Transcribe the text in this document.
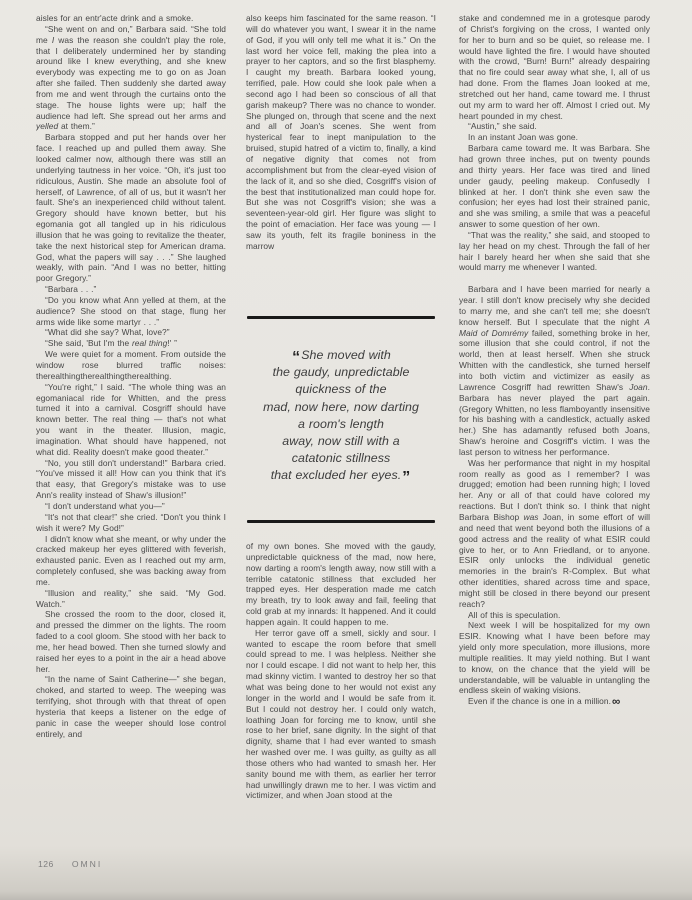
aisles for an entr'acte drink and a smoke.

“She went on and on,” Barbara said. “She told me I was the reason she couldn't play the role, that I deliberately undermined her by standing around like I knew everything, and she knew everybody was expecting me to go on as Joan after she failed. Then suddenly she darted away from me and went through the curtains onto the stage. The house lights were up; half the audience had left. She spread out her arms and yelled at them.”

Barbara stopped and put her hands over her face. I reached up and pulled them away. She looked calmer now, although there was still an underlying tautness in her voice. “Oh, it's just too ridiculous, Austin. She made an absolute fool of herself, of Lawrence, of all of us, but it wasn't her fault. She's an inexperienced child without talent. Gregory should have known better, but his egomania got all tangled up in his ridiculous illusion that he was going to revitalize the theater, take the next historical step for American drama. God, what the papers will say . . .” She laughed weakly, with pain. “And I was no better, hitting poor Gregory.”

“Barbara . . .”

“Do you know what Ann yelled at them, at the audience? She stood on that stage, flung her arms wide like some martyr . . .”

“What did she say? What, love?”

“She said, 'But I'm the real thing!' ”

We were quiet for a moment. From outside the window rose blurred traffic noises: therealthingtherealthingtherealthing.

“You're right,” I said. “The whole thing was an egomaniacal ride for Whitten, and the press turned it into a carnival. Cosgriff should have known better. The real thing — that's not what you want in the theater. Illusion, magic, imagination. What should have happened, not what did. Reality doesn't make good theater.”

“No, you still don't understand!” Barbara cried. “You've missed it all! How can you think that it's that easy, that Gregory's mistake was to use Ann's reality instead of Shaw's illusion!”

“I don't understand what you—”

“It's not that clear!” she cried. “Don't you think I wish it were? My God!”

I didn't know what she meant, or why under the cracked makeup her eyes glittered with feverish, exhausted panic. Even as I reached out my arm, completely confused, she was backing away from me.

“Illusion and reality,” she said. “My God. Watch.”

She crossed the room to the door, closed it, and pressed the dimmer on the lights. The room faded to a cool gloom. She stood with her back to me, her head bowed. Then she turned slowly and raised her eyes to a point in the air a head above her.

“In the name of Saint Catherine—” she began, choked, and started to weep. The weeping was terrifying, shot through with that threat of open hysteria that keeps a listener on the edge of panic in case the weeper should lose control entirely, and

also keeps him fascinated for the same reason. “I will do whatever you want, I swear it in the name of God, if you will only tell me what it is.” On the last word her voice fell, making the plea into a prayer to her captors, and so the first blasphemy. I caught my breath. Barbara looked young, terrified, pale. How could she look pale when a second ago I had been so conscious of all that garish makeup? There was no chance to wonder. She plunged on, through that scene and the next and all of Joan's scenes. She went from hysterical fear to inept manipulation to the bruised, stupid hatred of a victim to, finally, a kind of negative dignity that comes not from accomplishment but from the clear-eyed vision of the lack of it, and so she died, Cosgriff's vision of the best that institutionalized man could hope for. But she was not Cosgriff's vision; she was a seventeen-year-old girl. Her figure was slight to the point of emaciation. Her face was young — I saw its youth, felt its fragile boniness in the marrow

“She moved with
the gaudy, unpredictable
quickness of the
mad, now here, now darting
a room's length
away, now still with a
catatonic stillness
that excluded her eyes.”

of my own bones. She moved with the gaudy, unpredictable quickness of the mad, now here, now darting a room's length away, now still with a terrible catatonic stillness that excluded her trapped eyes. Her desperation made me catch my breath, try to look away and fail, feeling that cold grab at my innards: It happened. And it could happen again. It could happen to me.

Her terror gave off a smell, sickly and sour. I wanted to escape the room before that smell could spread to me. I was helpless. Neither she nor I could escape. I did not want to help her, this mad skinny victim. I wanted to destroy her so that what was being done to her would not exist any longer in the world and I would be safe from it. But I could not destroy her. I could only watch, loathing Joan for forcing me to know, until she rose to her brief, sane dignity. In the sight of that dignity, shame that I had ever wanted to smash her washed over me. I was guilty, as guilty as all those others who had wanted to smash her. Her sanity bound me with them, as earlier her terror had unwillingly drawn me to her. I was victim and victimizer, and when Joan stood at the

stake and condemned me in a grotesque parody of Christ's forgiving on the cross, I wanted only for her to burn and so be quiet, so release me. I would have lighted the fire. I would have shouted with the crowd, “Burn! Burn!” already despairing that no fire could sear away what she, I, all of us had done. From the flames Joan looked at me, stretched out her hand, came toward me. I thrust out my arm to ward her off. Almost I cried out. My heart pounded in my chest.

“Austin,” she said.

In an instant Joan was gone.

Barbara came toward me. It was Barbara. She had grown three inches, put on twenty pounds and thirty years. Her face was tired and lined under gaudy, peeling makeup. Confusedly I blinked at her. I don't think she even saw the confusion; her eyes had lost their strained panic, and she was smiling, a smile that was a peaceful answer to some question of her own.

“That was the reality,” she said, and stooped to lay her head on my chest. Through the fall of her hair I barely heard her when she said that she would marry me whenever I wanted.

Barbara and I have been married for nearly a year. I still don't know precisely why she decided to marry me, and she can't tell me; she doesn't know herself. But I speculate that the night A Maid of Domrémy failed, something broke in her, some illusion that she could control, if not the world, then at least herself. When she struck Whitten with the candlestick, she turned herself into both victim and victimizer as easily as Lawrence Cosgriff had rewritten Shaw's Joan. Barbara has never played the part again. (Gregory Whitten, no less flamboyantly insensitive for his bashing with a candlestick, actually asked her.) She has adamantly refused both Joans, Shaw's heroine and Cosgriff's victim. I was the last person to witness her performance.

Was her performance that night in my hospital room really as good as I remember? I was drugged; emotion had been running high; I loved her. Any or all of that could have colored my reactions. But I don't think so. I think that night Barbara Bishop was Joan, in some effort of will and need that went beyond both the illusions of a good actress and the reality of what ESIR could give to her, or to Ann Friedland, or to anyone. ESIR only unlocks the individual genetic memories in the brain's R-Complex. But what other identities, shared across time and space, might still be closed in there beyond our present reach?

All of this is speculation.

Next week I will be hospitalized for my own ESIR. Knowing what I have been before may yield only more speculation, more illusions, more multiple realities. It may yield nothing. But I want to know, on the chance that the yield will be understandable, will be valuable in untangling the endless skein of waking visions.

Even if the chance is one in a million.∞

126 OMNI
